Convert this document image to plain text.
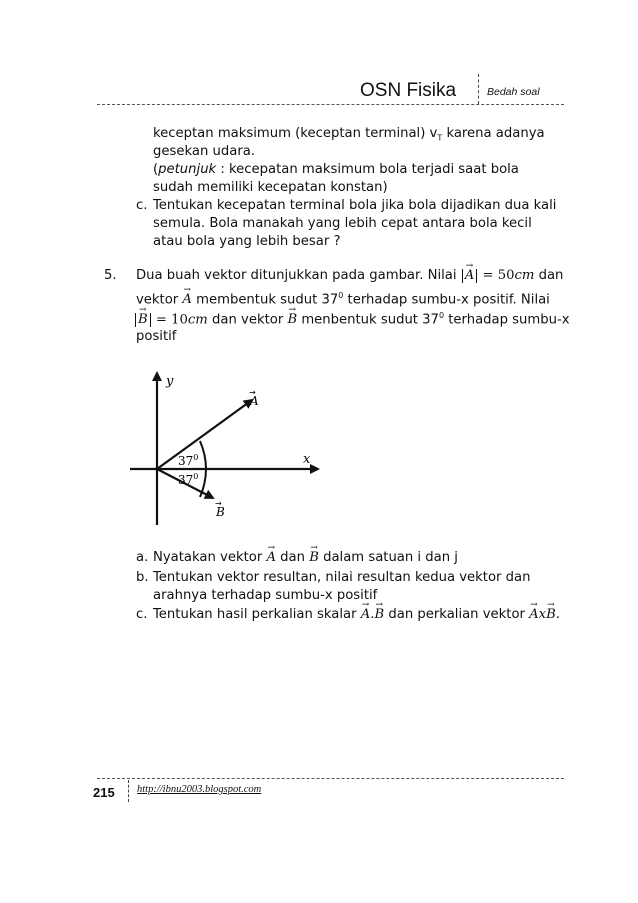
OSN Fisika	Bedah soal
keceptan maksimum (keceptan terminal) $v_T$ karena adanya
gesekan udara.
(petunjuk : kecepatan maksimum bola terjadi saat bola
sudah memiliki kecepatan konstan)
c. Tentukan kecepatan terminal bola jika bola dijadikan dua kali
semula. Bola manakah yang lebih cepat antara bola kecil
atau bola yang lebih besar ?
5. Dua buah vektor ditunjukkan pada gambar. Nilai → A = 50cm dan
vektor → A membentuk sudut $37^0$ terhadap sumbu-x positif. Nilai
→ B = 10cm dan vektor → B menbentuk sudut $37^0$ terhadap sumbu-x
positif
y
x
A
→
B
→
$37^0$
$37^0$
a. Nyatakan vektor → A dan → B dalam satuan i dan j
b. Tentukan vektor resultan, nilai resultan kedua vektor dan
arahnya terhadap sumbu-x positif
c. Tentukan hasil perkalian skalar → A.→ B dan perkalian vektor → Ax→ B.
215 http://ibnu2003.blogspot.com
